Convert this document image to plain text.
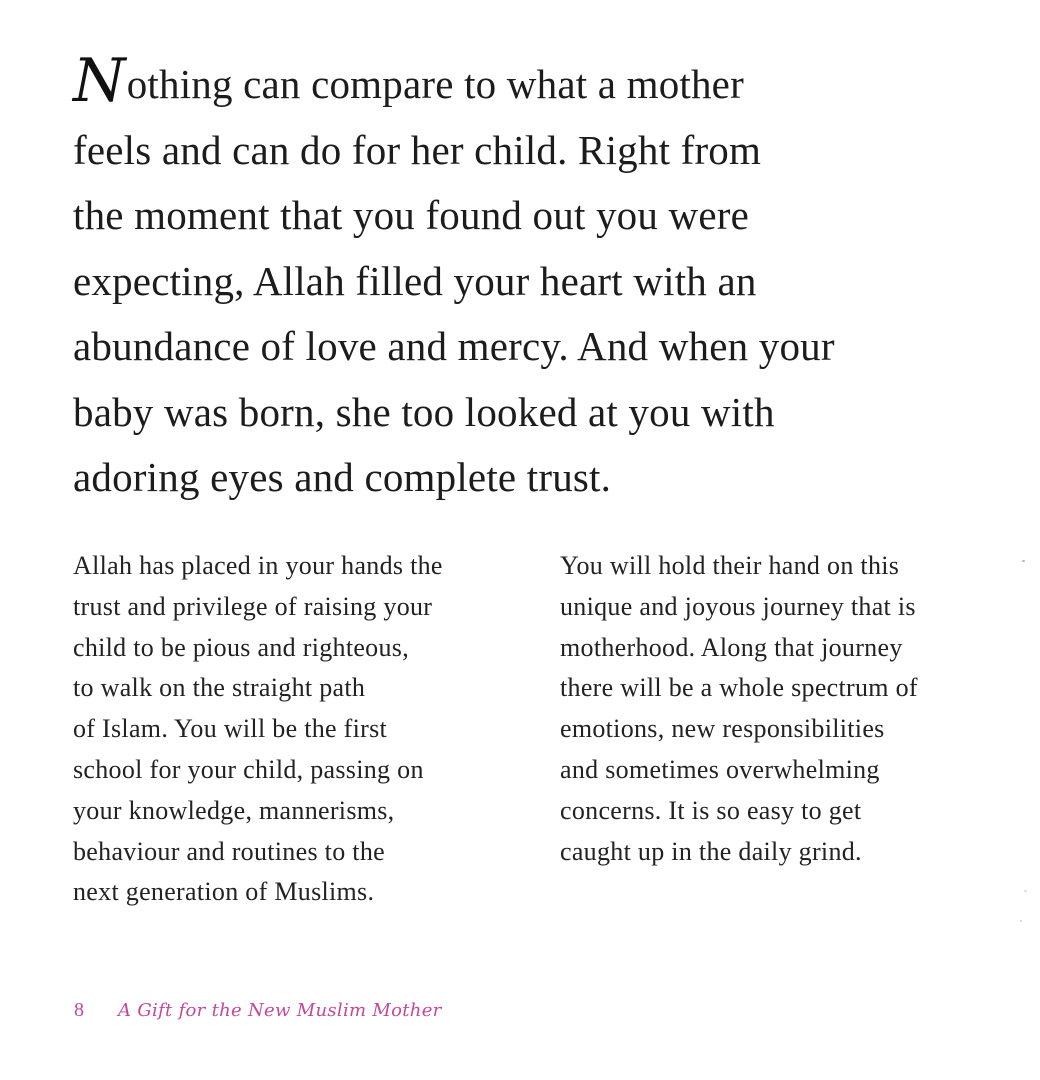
Nothing can compare to what a mother
feels and can do for her child. Right from
the moment that you found out you were
expecting, Allah filled your heart with an
abundance of love and mercy. And when your
baby was born, she too looked at you with
adoring eyes and complete trust.
Allah has placed in your hands the
trust and privilege of raising your
child to be pious and righteous,
to walk on the straight path
of Islam. You will be the first
school for your child, passing on
your knowledge, mannerisms,
behaviour and routines to the
next generation of Muslims.
You will hold their hand on this
unique and joyous journey that is
motherhood. Along that journey
there will be a whole spectrum of
emotions, new responsibilities
and sometimes overwhelming
concerns. It is so easy to get
caught up in the daily grind.
8 A Gift for the New Muslim Mother
